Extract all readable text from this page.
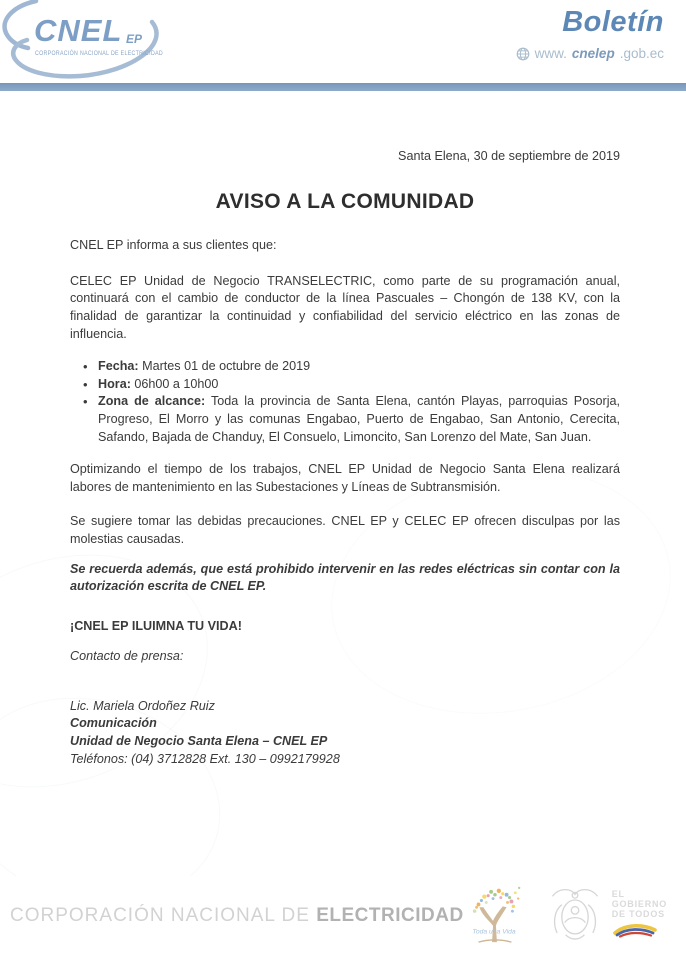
CNEL EP
CORPORACIÓN NACIONAL DE ELECTRICIDAD
Boletín
www. cnelep .gob.ec
Santa Elena, 30 de septiembre de 2019
AVISO A LA COMUNIDAD
CNEL EP informa a sus clientes que:
CELEC EP Unidad de Negocio TRANSELECTRIC, como parte de su programación anual, continuará con el cambio de conductor de la línea Pascuales – Chongón de 138 KV, con la finalidad de garantizar la continuidad y confiabilidad del servicio eléctrico en las zonas de influencia.
• Fecha: Martes 01 de octubre de 2019
• Hora: 06h00 a 10h00
• Zona de alcance: Toda la provincia de Santa Elena, cantón Playas, parroquias Posorja, Progreso, El Morro y las comunas Engabao, Puerto de Engabao, San Antonio, Cerecita, Safando, Bajada de Chanduy, El Consuelo, Limoncito, San Lorenzo del Mate, San Juan.
Optimizando el tiempo de los trabajos, CNEL EP Unidad de Negocio Santa Elena realizará labores de mantenimiento en las Subestaciones y Líneas de Subtransmisión.
Se sugiere tomar las debidas precauciones. CNEL EP y CELEC EP ofrecen disculpas por las molestias causadas.
Se recuerda además, que está prohibido intervenir en las redes eléctricas sin contar con la autorización escrita de CNEL EP.
¡CNEL EP ILUIMNA TU VIDA!
Contacto de prensa:
Lic. Mariela Ordoñez Ruiz
Comunicación
Unidad de Negocio Santa Elena – CNEL EP
Teléfonos: (04) 3712828 Ext. 130 – 0992179928
CORPORACIÓN NACIONAL DE ELECTRICIDAD
Toda una Vida
EL
GOBIERNO
DE TODOS
